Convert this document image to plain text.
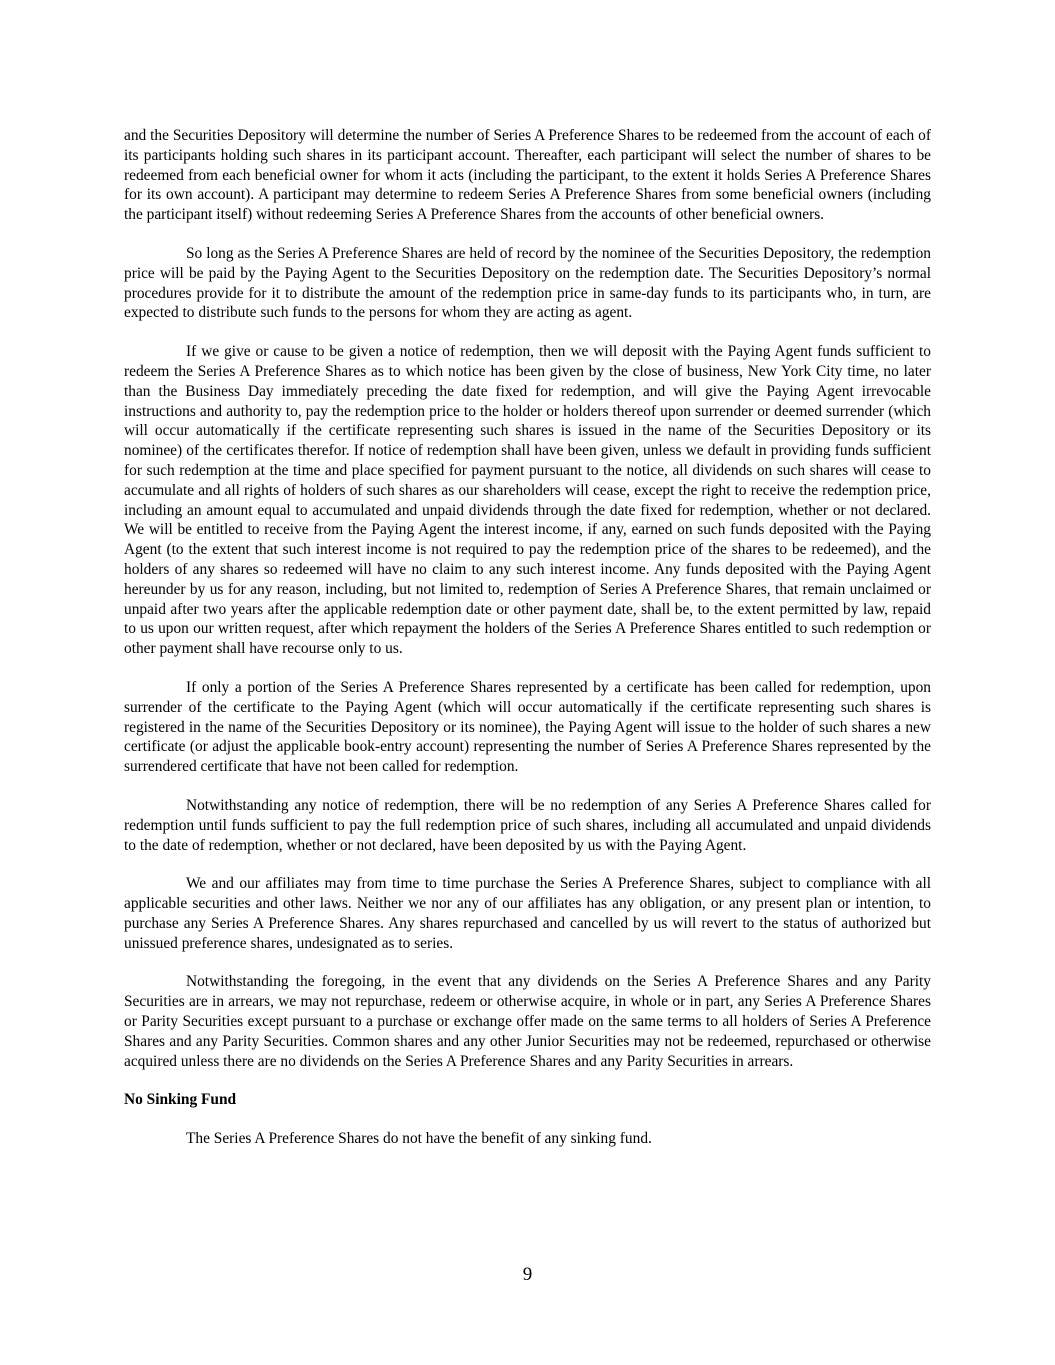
and the Securities Depository will determine the number of Series A Preference Shares to be redeemed from the account of each of its participants holding such shares in its participant account. Thereafter, each participant will select the number of shares to be redeemed from each beneficial owner for whom it acts (including the participant, to the extent it holds Series A Preference Shares for its own account). A participant may determine to redeem Series A Preference Shares from some beneficial owners (including the participant itself) without redeeming Series A Preference Shares from the accounts of other beneficial owners.

So long as the Series A Preference Shares are held of record by the nominee of the Securities Depository, the redemption price will be paid by the Paying Agent to the Securities Depository on the redemption date. The Securities Depository’s normal procedures provide for it to distribute the amount of the redemption price in same-day funds to its participants who, in turn, are expected to distribute such funds to the persons for whom they are acting as agent.

If we give or cause to be given a notice of redemption, then we will deposit with the Paying Agent funds sufficient to redeem the Series A Preference Shares as to which notice has been given by the close of business, New York City time, no later than the Business Day immediately preceding the date fixed for redemption, and will give the Paying Agent irrevocable instructions and authority to, pay the redemption price to the holder or holders thereof upon surrender or deemed surrender (which will occur automatically if the certificate representing such shares is issued in the name of the Securities Depository or its nominee) of the certificates therefor. If notice of redemption shall have been given, unless we default in providing funds sufficient for such redemption at the time and place specified for payment pursuant to the notice, all dividends on such shares will cease to accumulate and all rights of holders of such shares as our shareholders will cease, except the right to receive the redemption price, including an amount equal to accumulated and unpaid dividends through the date fixed for redemption, whether or not declared. We will be entitled to receive from the Paying Agent the interest income, if any, earned on such funds deposited with the Paying Agent (to the extent that such interest income is not required to pay the redemption price of the shares to be redeemed), and the holders of any shares so redeemed will have no claim to any such interest income. Any funds deposited with the Paying Agent hereunder by us for any reason, including, but not limited to, redemption of Series A Preference Shares, that remain unclaimed or unpaid after two years after the applicable redemption date or other payment date, shall be, to the extent permitted by law, repaid to us upon our written request, after which repayment the holders of the Series A Preference Shares entitled to such redemption or other payment shall have recourse only to us.

If only a portion of the Series A Preference Shares represented by a certificate has been called for redemption, upon surrender of the certificate to the Paying Agent (which will occur automatically if the certificate representing such shares is registered in the name of the Securities Depository or its nominee), the Paying Agent will issue to the holder of such shares a new certificate (or adjust the applicable book-entry account) representing the number of Series A Preference Shares represented by the surrendered certificate that have not been called for redemption.

Notwithstanding any notice of redemption, there will be no redemption of any Series A Preference Shares called for redemption until funds sufficient to pay the full redemption price of such shares, including all accumulated and unpaid dividends to the date of redemption, whether or not declared, have been deposited by us with the Paying Agent.

We and our affiliates may from time to time purchase the Series A Preference Shares, subject to compliance with all applicable securities and other laws. Neither we nor any of our affiliates has any obligation, or any present plan or intention, to purchase any Series A Preference Shares. Any shares repurchased and cancelled by us will revert to the status of authorized but unissued preference shares, undesignated as to series.

Notwithstanding the foregoing, in the event that any dividends on the Series A Preference Shares and any Parity Securities are in arrears, we may not repurchase, redeem or otherwise acquire, in whole or in part, any Series A Preference Shares or Parity Securities except pursuant to a purchase or exchange offer made on the same terms to all holders of Series A Preference Shares and any Parity Securities. Common shares and any other Junior Securities may not be redeemed, repurchased or otherwise acquired unless there are no dividends on the Series A Preference Shares and any Parity Securities in arrears.

No Sinking Fund

The Series A Preference Shares do not have the benefit of any sinking fund.

9
